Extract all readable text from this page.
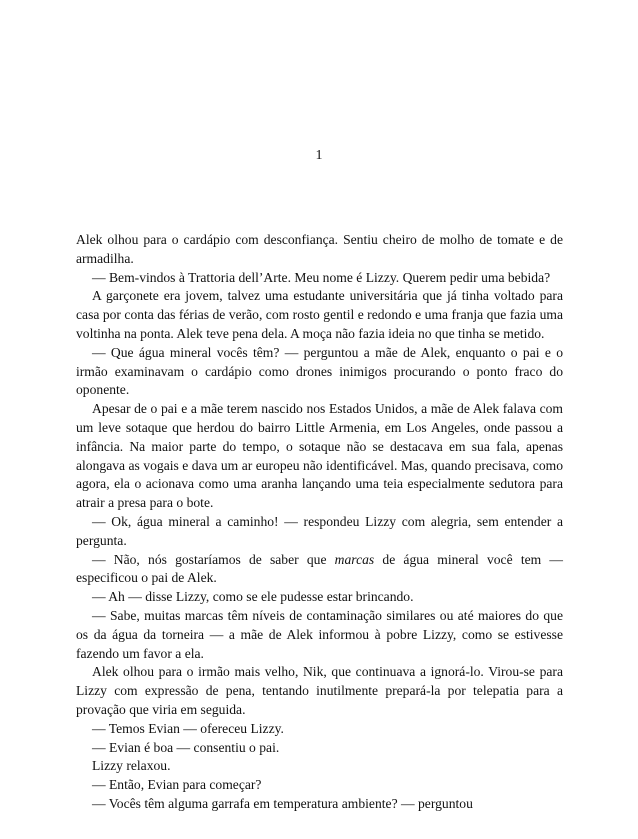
1

Alek olhou para o cardápio com desconfiança. Sentiu cheiro de molho de tomate e de armadilha.

— Bem-vindos à Trattoria dell’Arte. Meu nome é Lizzy. Querem pedir uma bebida?

A garçonete era jovem, talvez uma estudante universitária que já tinha voltado para casa por conta das férias de verão, com rosto gentil e redondo e uma franja que fazia uma voltinha na ponta. Alek teve pena dela. A moça não fazia ideia no que tinha se metido.

— Que água mineral vocês têm? — perguntou a mãe de Alek, enquanto o pai e o irmão examinavam o cardápio como drones inimigos procurando o ponto fraco do oponente.

Apesar de o pai e a mãe terem nascido nos Estados Unidos, a mãe de Alek falava com um leve sotaque que herdou do bairro Little Armenia, em Los Angeles, onde passou a infância. Na maior parte do tempo, o sotaque não se destacava em sua fala, apenas alongava as vogais e dava um ar europeu não identificável. Mas, quando precisava, como agora, ela o acionava como uma aranha lançando uma teia especialmente sedutora para atrair a presa para o bote.

— Ok, água mineral a caminho! — respondeu Lizzy com alegria, sem entender a pergunta.

— Não, nós gostaríamos de saber que marcas de água mineral você tem — especificou o pai de Alek.

— Ah — disse Lizzy, como se ele pudesse estar brincando.

— Sabe, muitas marcas têm níveis de contaminação similares ou até maiores do que os da água da torneira — a mãe de Alek informou à pobre Lizzy, como se estivesse fazendo um favor a ela.

Alek olhou para o irmão mais velho, Nik, que continuava a ignorá-lo. Virou-se para Lizzy com expressão de pena, tentando inutilmente prepará-la por telepatia para a provação que viria em seguida.

— Temos Evian — ofereceu Lizzy.

— Evian é boa — consentiu o pai.

Lizzy relaxou.

— Então, Evian para começar?

— Vocês têm alguma garrafa em temperatura ambiente? — perguntou
